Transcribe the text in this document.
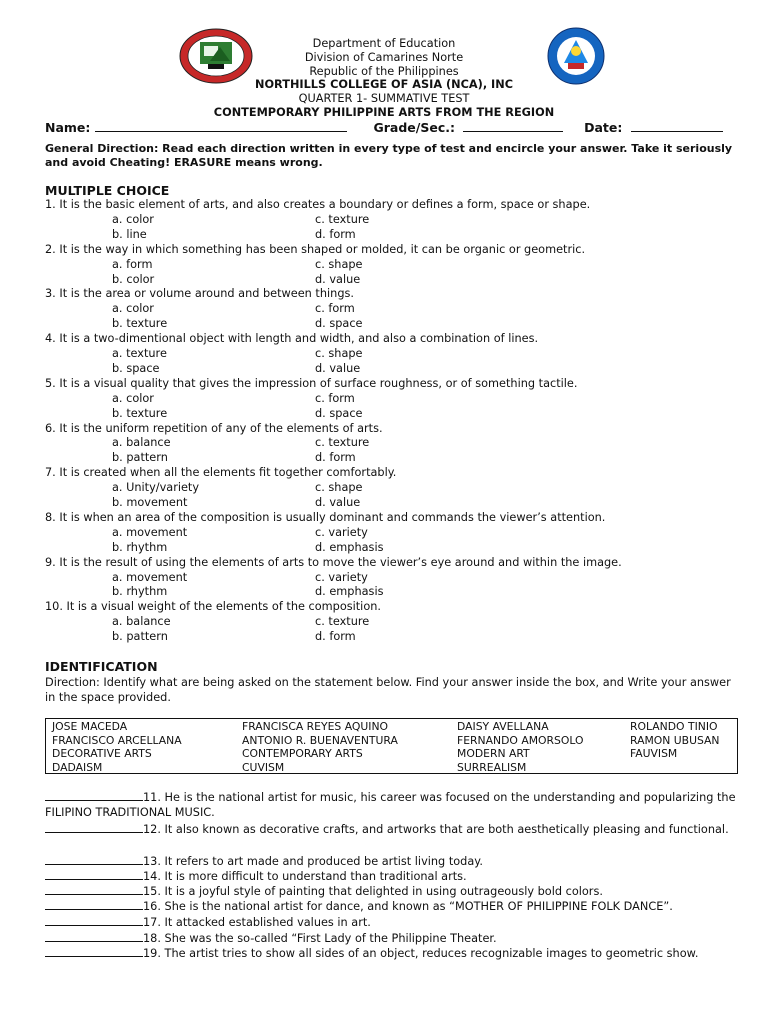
Department of Education
Division of Camarines Norte
Republic of the Philippines
NORTHILLS COLLEGE OF ASIA (NCA), INC
QUARTER 1- SUMMATIVE TEST
CONTEMPORARY PHILIPPINE ARTS FROM THE REGION
Name:	Grade/Sec.:	Date:
General Direction: Read each direction written in every type of test and encircle your answer. Take it seriously and avoid Cheating! ERASURE means wrong.
MULTIPLE CHOICE
1. It is the basic element of arts, and also creates a boundary or defines a form, space or shape.
a. color	c. texture
b. line	d. form
2. It is the way in which something has been shaped or molded, it can be organic or geometric.
a. form	c. shape
b. color	d. value
3. It is the area or volume around and between things.
a. color	c. form
b. texture	d. space
4. It is a two-dimentional object with length and width, and also a combination of lines.
a. texture	c. shape
b. space	d. value
5. It is a visual quality that gives the impression of surface roughness, or of something tactile.
a. color	c. form
b. texture	d. space
6. It is the uniform repetition of any of the elements of arts.
a. balance	c. texture
b. pattern	d. form
7. It is created when all the elements fit together comfortably.
a. Unity/variety	c. shape
b. movement	d. value
8. It is when an area of the composition is usually dominant and commands the viewer’s attention.
a. movement	c. variety
b. rhythm	d. emphasis
9. It is the result of using the elements of arts to move the viewer’s eye around and within the image.
a. movement	c. variety
b. rhythm	d. emphasis
10. It is a visual weight of the elements of the composition.
a. balance	c. texture
b. pattern	d. form
IDENTIFICATION
Direction: Identify what are being asked on the statement below. Find your answer inside the box, and Write your answer in the space provided.
JOSE MACEDA	FRANCISCA REYES AQUINO	DAISY AVELLANA	ROLANDO TINIO
FRANCISCO ARCELLANA	ANTONIO R. BUENAVENTURA	FERNANDO AMORSOLO	RAMON UBUSAN
DECORATIVE ARTS	CONTEMPORARY ARTS	MODERN ART	FAUVISM
DADAISM	CUVISM	SURREALISM
11. He is the national artist for music, his career was focused on the understanding and popularizing the FILIPINO TRADITIONAL MUSIC.
12. It also known as decorative crafts, and artworks that are both aesthetically pleasing and functional.
13. It refers to art made and produced be artist living today.
14. It is more difficult to understand than traditional arts.
15. It is a joyful style of painting that delighted in using outrageously bold colors.
16. She is the national artist for dance, and known as “MOTHER OF PHILIPPINE FOLK DANCE”.
17. It attacked established values in art.
18. She was the so-called “First Lady of the Philippine Theater.
19. The artist tries to show all sides of an object, reduces recognizable images to geometric show.
